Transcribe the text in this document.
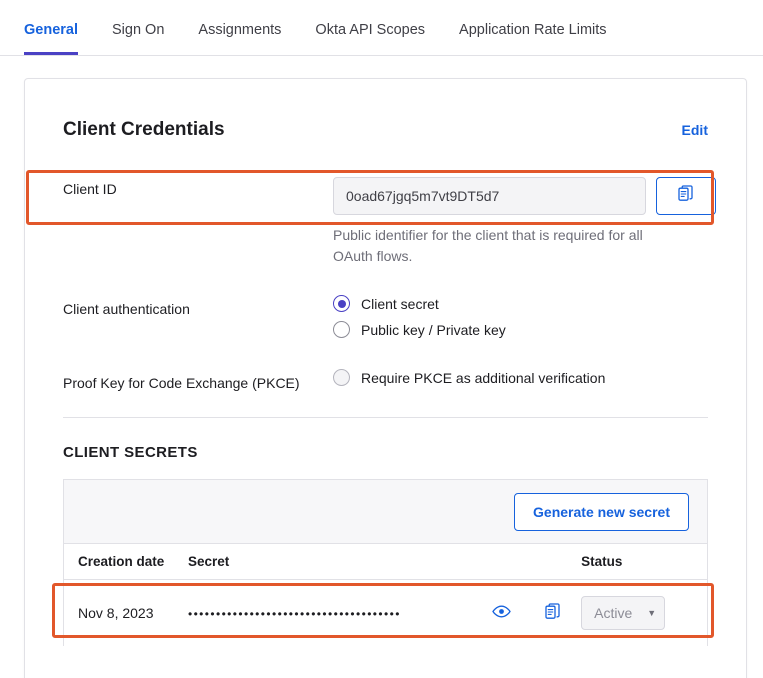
General Sign On Assignments Okta API Scopes Application Rate Limits
Client Credentials	Edit
Client ID
0oad67jgq5m7vt9DT5d7
Public identifier for the client that is required for all OAuth flows.
Client authentication	Client secret
Public key / Private key
Proof Key for Code Exchange (PKCE)	Require PKCE as additional verification
CLIENT SECRETS
Generate new secret
Creation date	Secret		Status
Nov 8, 2023	••••••••••••••••••••••••••••••••••••••		Active ▼
